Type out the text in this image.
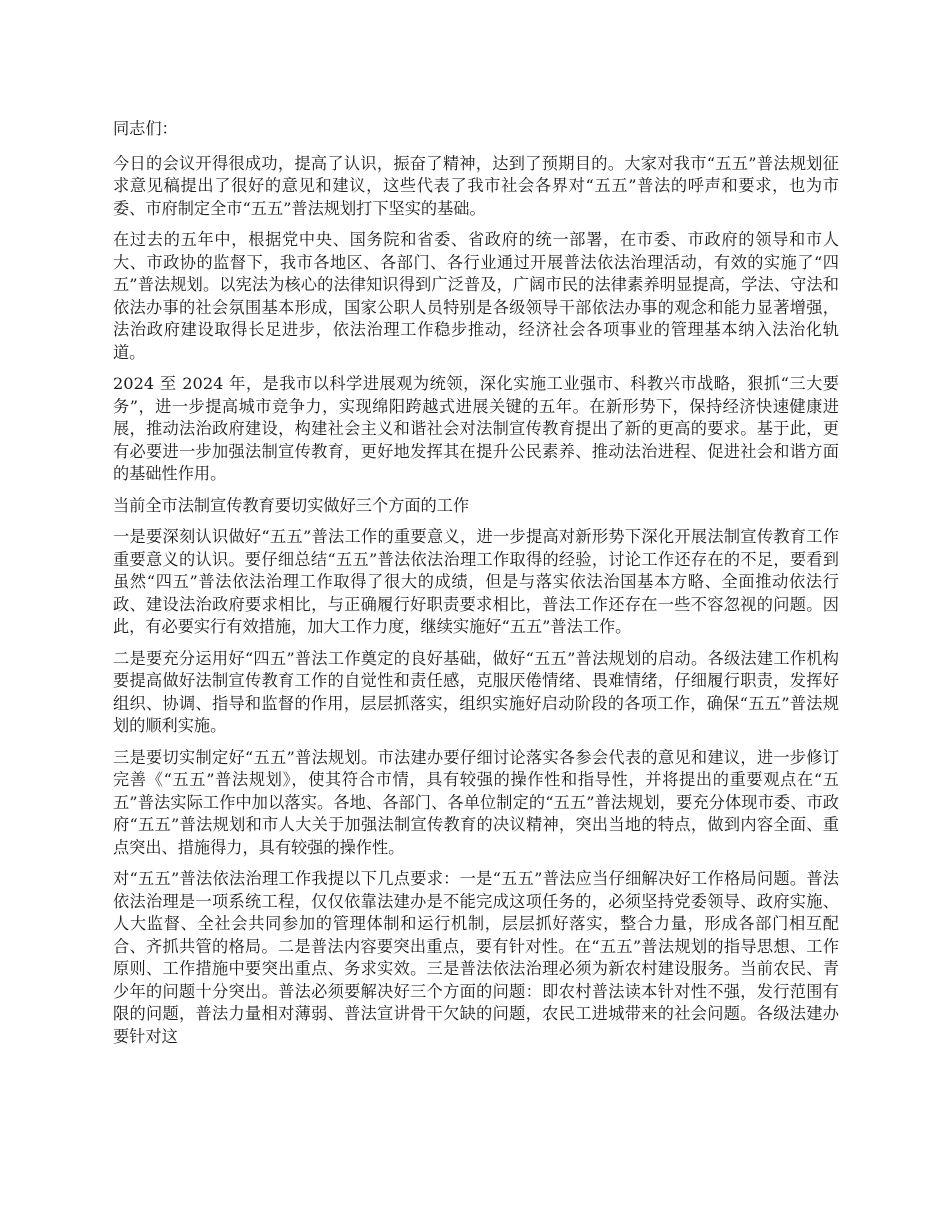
同志们：

今日的会议开得很成功，提高了认识，振奋了精神，达到了预期目的。大家对我市“五五”普法规划征求意见稿提出了很好的意见和建议，这些代表了我市社会各界对“五五”普法的呼声和要求，也为市委、市府制定全市“五五”普法规划打下坚实的基础。

在过去的五年中，根据党中央、国务院和省委、省政府的统一部署，在市委、市政府的领导和市人大、市政协的监督下，我市各地区、各部门、各行业通过开展普法依法治理活动，有效的实施了“四五”普法规划。以宪法为核心的法律知识得到广泛普及，广阔市民的法律素养明显提高，学法、守法和依法办事的社会氛围基本形成，国家公职人员特别是各级领导干部依法办事的观念和能力显著增强，法治政府建设取得长足进步，依法治理工作稳步推动，经济社会各项事业的管理基本纳入法治化轨道。

2024 至 2024 年，是我市以科学进展观为统领，深化实施工业强市、科教兴市战略，狠抓“三大要务”，进一步提高城市竞争力，实现绵阳跨越式进展关键的五年。在新形势下，保持经济快速健康进展，推动法治政府建设，构建社会主义和谐社会对法制宣传教育提出了新的更高的要求。基于此，更有必要进一步加强法制宣传教育，更好地发挥其在提升公民素养、推动法治进程、促进社会和谐方面的基础性作用。

当前全市法制宣传教育要切实做好三个方面的工作

一是要深刻认识做好“五五”普法工作的重要意义，进一步提高对新形势下深化开展法制宣传教育工作重要意义的认识。要仔细总结“五五”普法依法治理工作取得的经验，讨论工作还存在的不足，要看到虽然“四五”普法依法治理工作取得了很大的成绩，但是与落实依法治国基本方略、全面推动依法行政、建设法治政府要求相比，与正确履行好职责要求相比，普法工作还存在一些不容忽视的问题。因此，有必要实行有效措施，加大工作力度，继续实施好“五五”普法工作。

二是要充分运用好“四五”普法工作奠定的良好基础，做好“五五”普法规划的启动。各级法建工作机构要提高做好法制宣传教育工作的自觉性和责任感，克服厌倦情绪、畏难情绪，仔细履行职责，发挥好组织、协调、指导和监督的作用，层层抓落实，组织实施好启动阶段的各项工作，确保“五五”普法规划的顺利实施。

三是要切实制定好“五五”普法规划。市法建办要仔细讨论落实各参会代表的意见和建议，进一步修订完善《“五五”普法规划》，使其符合市情，具有较强的操作性和指导性，并将提出的重要观点在“五五”普法实际工作中加以落实。各地、各部门、各单位制定的“五五”普法规划，要充分体现市委、市政府“五五”普法规划和市人大关于加强法制宣传教育的决议精神，突出当地的特点，做到内容全面、重点突出、措施得力，具有较强的操作性。

对“五五”普法依法治理工作我提以下几点要求：一是“五五”普法应当仔细解决好工作格局问题。普法依法治理是一项系统工程，仅仅依靠法建办是不能完成这项任务的，必须坚持党委领导、政府实施、人大监督、全社会共同参加的管理体制和运行机制，层层抓好落实，整合力量，形成各部门相互配合、齐抓共管的格局。二是普法内容要突出重点，要有针对性。在“五五”普法规划的指导思想、工作原则、工作措施中要突出重点、务求实效。三是普法依法治理必须为新农村建设服务。当前农民、青少年的问题十分突出。普法必须要解决好三个方面的问题：即农村普法读本针对性不强，发行范围有限的问题，普法力量相对薄弱、普法宣讲骨干欠缺的问题，农民工进城带来的社会问题。各级法建办要针对这
